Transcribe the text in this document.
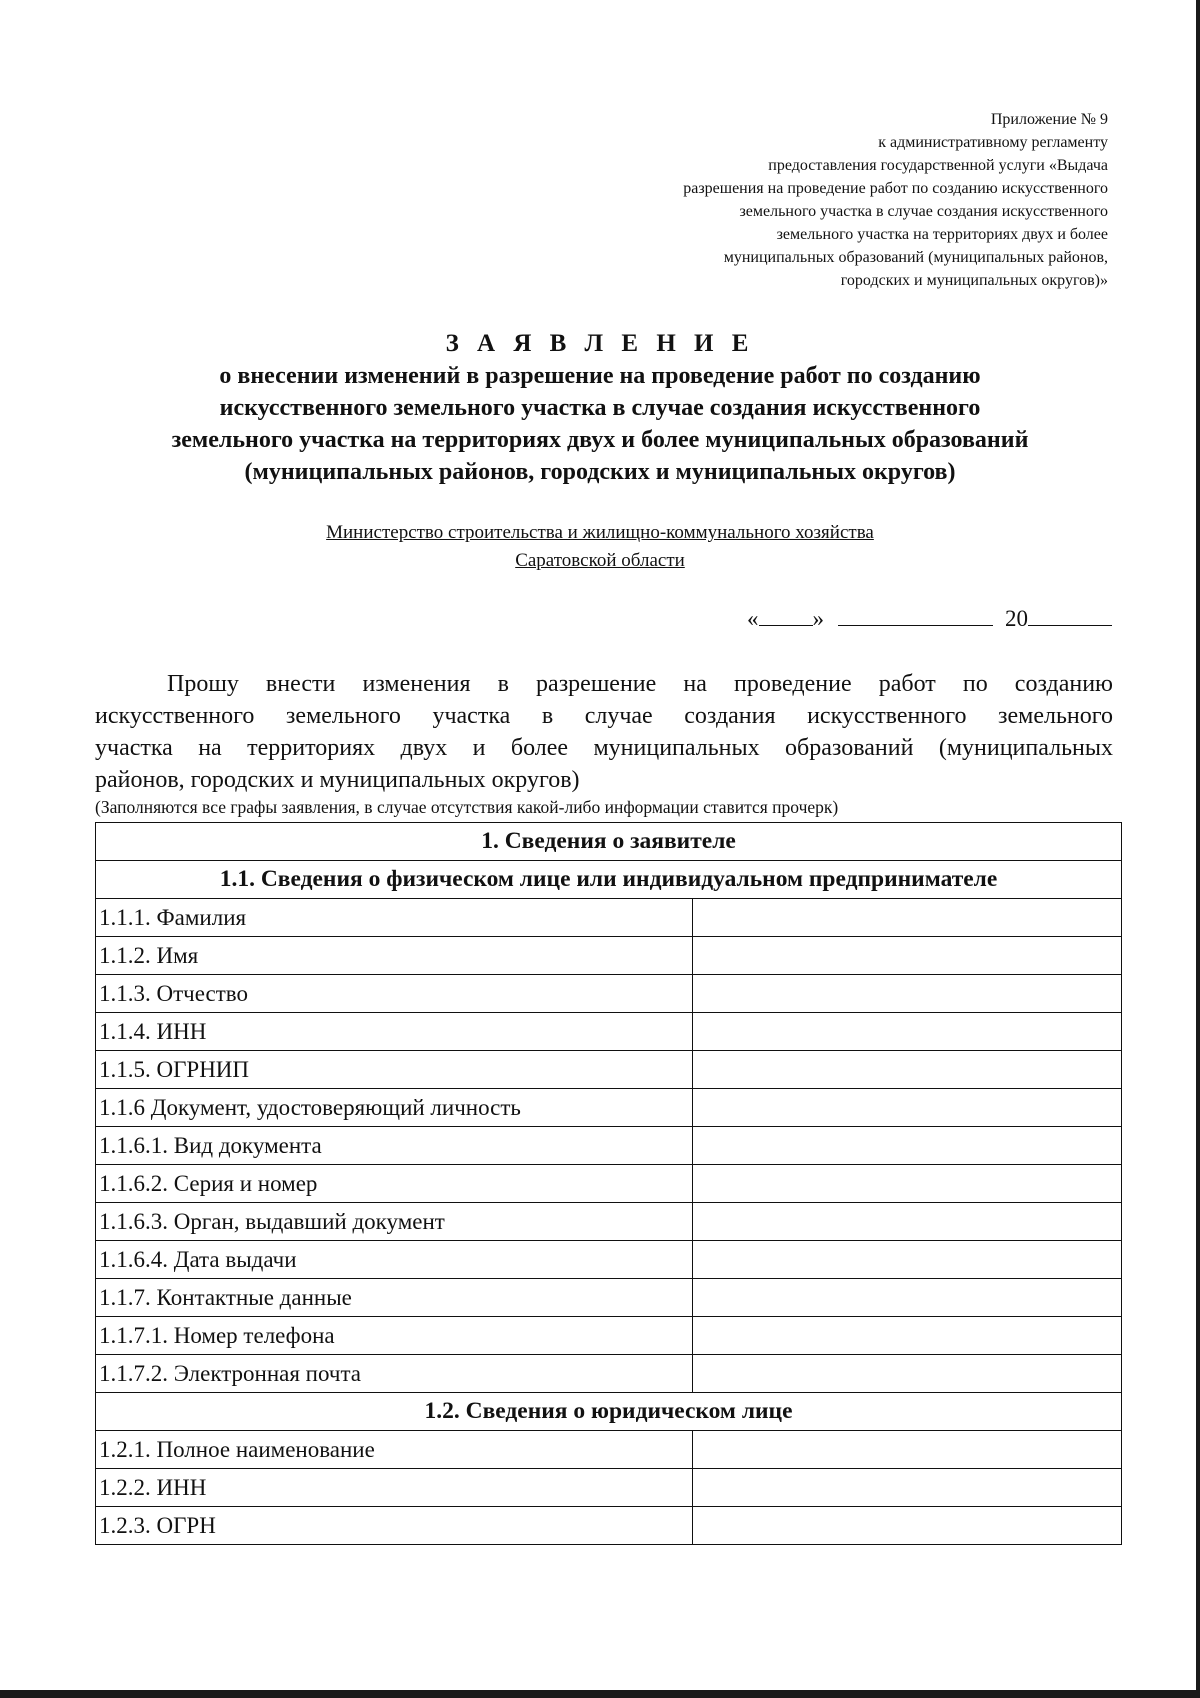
Приложение № 9
к административному регламенту
предоставления государственной услуги «Выдача
разрешения на проведение работ по созданию искусственного
земельного участка в случае создания искусственного
земельного участка на территориях двух и более
муниципальных образований (муниципальных районов,
городских и муниципальных округов)»
З А Я В Л Е Н И Е
о внесении изменений в разрешение на проведение работ по созданию
искусственного земельного участка в случае создания искусственного
земельного участка на территориях двух и более муниципальных образований
(муниципальных районов, городских и муниципальных округов)
Министерство строительства и жилищно-коммунального хозяйства
Саратовской области
« »	20
Прошу внести изменения в разрешение на проведение работ по созданию
искусственного земельного участка в случае создания искусственного земельного
участка на территориях двух и более муниципальных образований (муниципальных
районов, городских и муниципальных округов)
(Заполняются все графы заявления, в случае отсутствия какой-либо информации ставится прочерк)
1. Сведения о заявителе	
1.1. Сведения о физическом лице или индивидуальном предпринимателе	
1.1.1. Фамилия	
1.1.2. Имя	
1.1.3. Отчество	
1.1.4. ИНН	
1.1.5. ОГРНИП	
1.1.6 Документ, удостоверяющий личность	
1.1.6.1. Вид документа	
1.1.6.2. Серия и номер	
1.1.6.3. Орган, выдавший документ	
1.1.6.4. Дата выдачи	
1.1.7. Контактные данные	
1.1.7.1. Номер телефона	
1.1.7.2. Электронная почта	
1.2. Сведения о юридическом лице	
1.2.1. Полное наименование	
1.2.2. ИНН	
1.2.3. ОГРН	
